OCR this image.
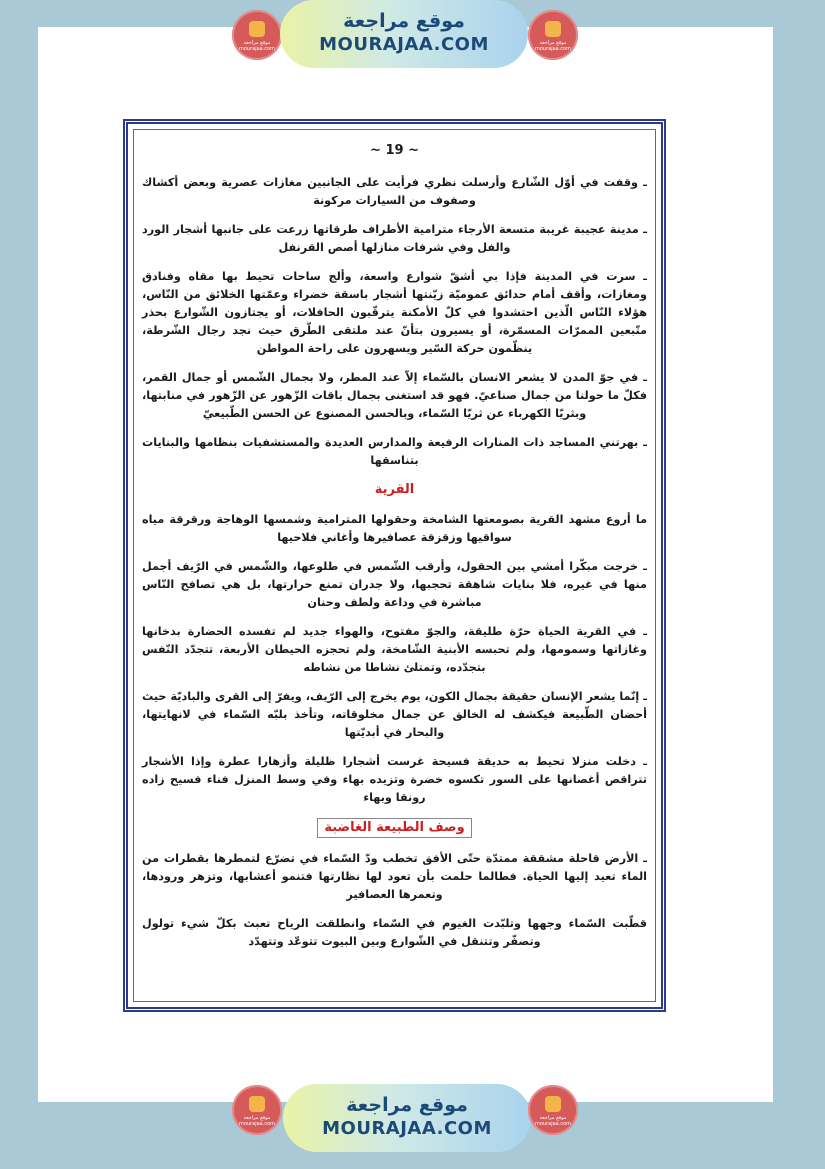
موقع مراجعة mourajaa.com
موقع مراجعة
MOURAJAA.COM	موقع مراجعة mourajaa.com
~ 19 ~

ـ وقفت في أوّل الشّارع وأرسلت نظري فرأيت على الجانبين مغازات عصرية وبعض أكشاك وصفوف من السيارات مركونة

ـ مدينة عجيبة غريبة متسعة الأرجاء مترامية الأطراف طرقاتها زرعت على جانبها أشجار الورد والفل وفي شرفات منازلها أصص القرنفل

ـ سرت في المدينة فإذا بي أشقّ شوارع واسعة، وألج ساحات تحيط بها مقاه وفنادق ومغازات، وأقف أمام حدائق عموميّة زيّنتها أشجار باسقة خضراء وعمّتها الخلائق من النّاس، هؤلاء النّاس الّذين احتشدوا في كلّ الأمكنة يترقّبون الحافلات، أو يجتازون الشّوارع بحذر متّبعين الممرّات المسمّرة، أو يسيرون بتأنّ عند ملتقى الطّرق حيث نجد رجال الشّرطة، ينظّمون حركة السّير ويسهرون على راحة المواطن

ـ في جوّ المدن لا يشعر الانسان بالسّماء إلاّ عند المطر، ولا بجمال الشّمس أو جمال القمر، فكلّ ما حولنا من جمال صناعيّ. فهو قد استغنى بجمال باقات الزّهور عن الزّهور في منابتها، وبثريّا الكهرباء عن ثريّا السّماء، وبالحسن المصنوع عن الحسن الطّبيعيّ

ـ بهرتني المساجد ذات المنارات الرفيعة والمدارس العديدة والمستشفيات بنظامها والبنايات بتناسقها

القرية

ما أروع مشهد القرية بصومعتها الشامخة وحقولها المترامية وشمسها الوهاجة ورقرقة مياه سواقيها وزقزقة عصافيرها وأغاني فلاحيها

ـ خرجت مبكّرا أمشي بين الحقول، وأرقب الشّمس في طلوعها، والشّمس في الرّيف أجمل منها في غيره، فلا بنايات شاهقة تحجبها، ولا جدران تمنع حرارتها، بل هي تصافح النّاس مباشرة في وداعة ولطف وحنان

ـ في القرية الحياة حرّة طليقة، والجوّ مفتوح، والهواء جديد لم تفسده الحضارة بدخانها وغازاتها وسمومها، ولم تحبسه الأبنية الشّامخة، ولم تحجزه الحيطان الأربعة، تتجدّد النّفس بتجدّده، وتمتلئ نشاطا من نشاطه

ـ إنّما يشعر الإنسان حقيقة بجمال الكون، يوم يخرج إلى الرّيف، ويفرّ إلى القرى والباديّة حيث أحضان الطّبيعة فيكشف له الخالق عن جمال مخلوقاته، وتأخذ بلبّه السّماء في لانهايتها، والبحار في أبديّتها

ـ دخلت منزلا تحيط به حديقة فسيحة غرست أشجارا ظليلة وأزهارا عطرة وإذا الأشجار تتراقص أغصانها على السور تكسوه خضرة وتزيده بهاء وفي وسط المنزل فناء فسيح زاده رونقا وبهاء

وصف الطبيعة الغاضبة

ـ الأرض قاحلة مشققة ممتدّة حتّى الأفق تخطب ودّ السّماء في تضرّع لتمطرها بقطرات من الماء تعيد إليها الحياة. فطالما حلمت بأن تعود لها نظارتها فتنمو أعشابها، وتزهر ورودها، وتعمرها العصافير

قطّبت السّماء وجهها وتلبّدت الغيوم في السّماء وانطلقت الرياح تعبث بكلّ شيء تولول وتصفّر وتتنقل في الشّوارع وبين البيوت تتوعّد وتتهدّد

موقع مراجعة mourajaa.com
موقع مراجعة
MOURAJAA.COM	موقع مراجعة mourajaa.com
